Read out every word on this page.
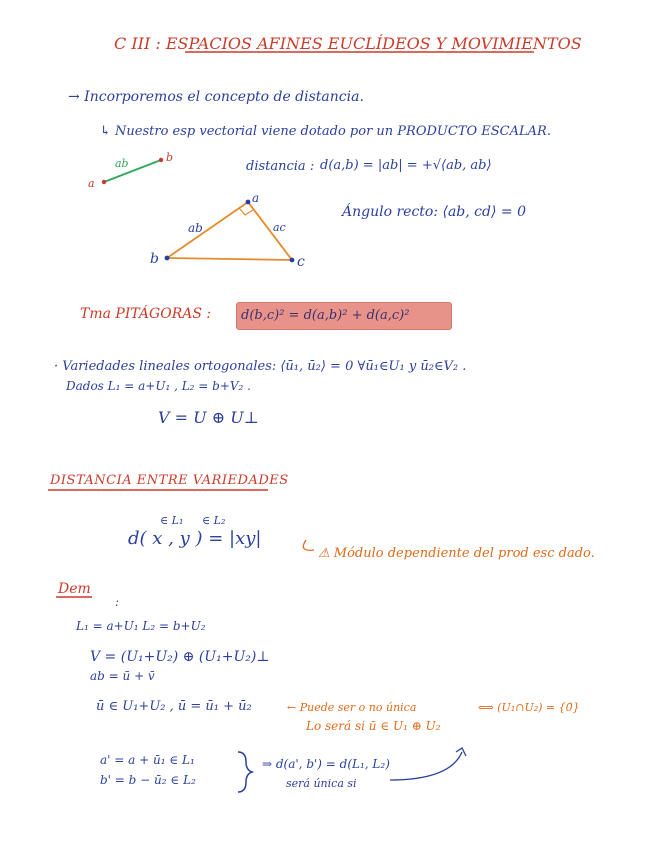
C III : ESPACIOS AFINES EUCLÍDEOS Y MOVIMIENTOS
→ Incorporemos el concepto de distancia.
↳ Nuestro esp vectorial viene dotado por un PRODUCTO ESCALAR.
ab
a
b
distancia : d(a,b) = |ab| = +√⟨ab, ab⟩
a
b	c
ab	ac
Ángulo recto: ⟨ab, cd⟩ = 0
Tma PITÁGORAS : d(b,c)² = d(a,b)² + d(a,c)²
· Variedades lineales ortogonales: ⟨ū₁, ū₂⟩ = 0 ∀ū₁∈U₁ y ū₂∈V₂ .
Dados L₁ = a+U₁ , L₂ = b+V₂ .
V = U ⊕ U⊥
DISTANCIA ENTRE VARIEDADES
∈ L₁ ∈ L₂
d( x , y ) = |xy|
⚠ Módulo dependiente del prod esc dado.
Dem
:
L₁ = a+U₁ L₂ = b+U₂
V = (U₁+U₂) ⊕ (U₁+U₂)⊥
ab = ū + v̄
ū ∈ U₁+U₂ , ū = ū₁ + ū₂	← Puede ser o no única	⟺ (U₁∩U₂) = {0̄}
Lo será si ū ∈ U₁ ⊕ U₂
a' = a + ū₁ ∈ L₁
b' = b − ū₂ ∈ L₂
⇒ d(a', b') = d(L₁, L₂)
será única si
